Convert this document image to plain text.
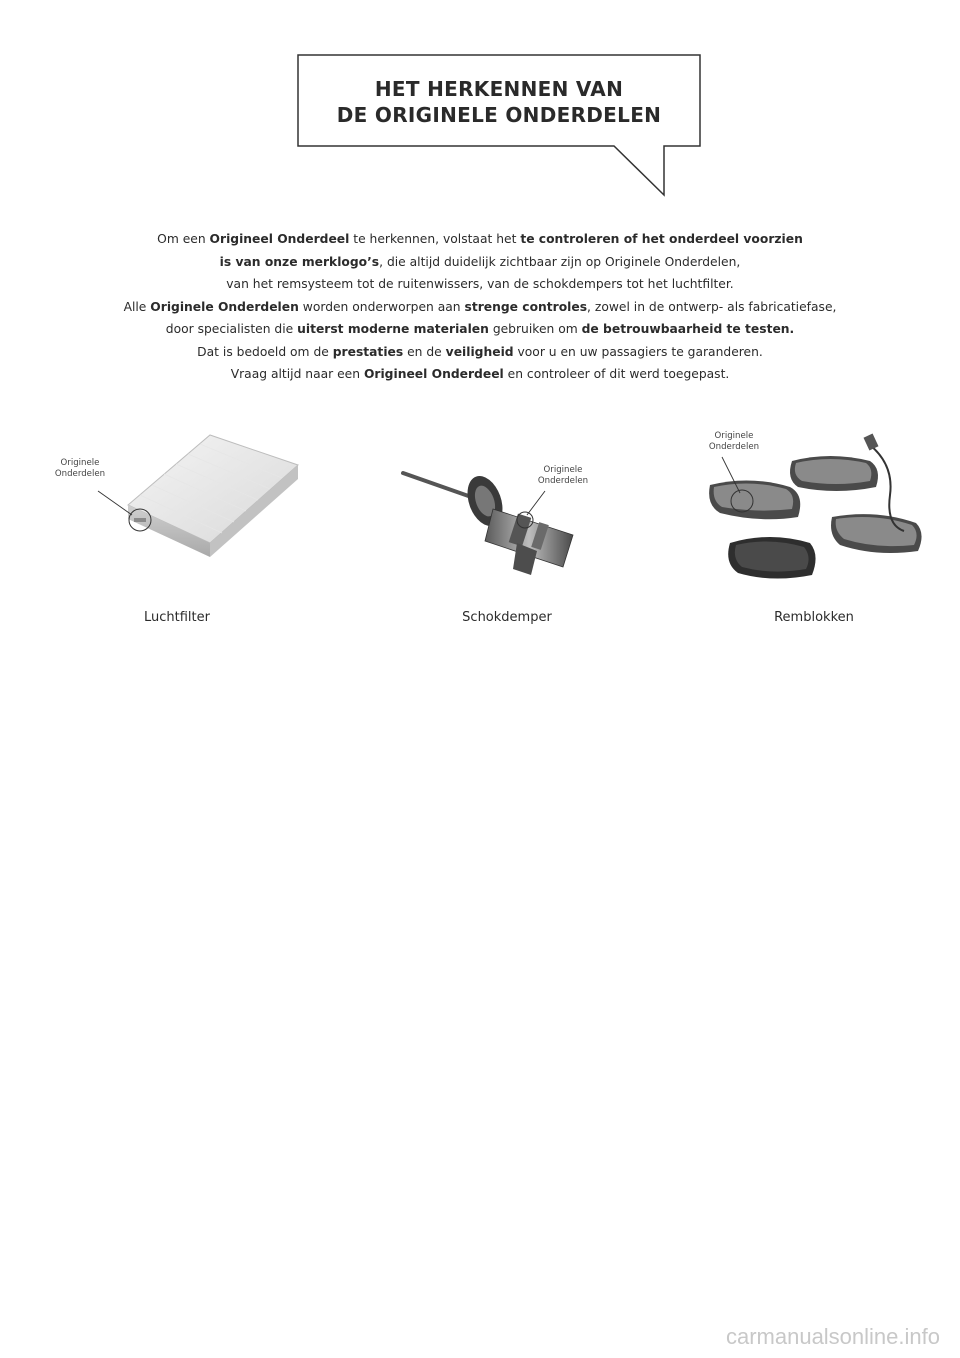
HET HERKENNEN VAN
DE ORIGINELE ONDERDELEN

Om een Origineel Onderdeel te herkennen, volstaat het te controleren of het onderdeel voorzien

is van onze merklogo’s, die altijd duidelijk zichtbaar zijn op Originele Onderdelen,

van het remsysteem tot de ruitenwissers, van de schokdempers tot het luchtfilter.

Alle Originele Onderdelen worden onderworpen aan strenge controles, zowel in de ontwerp- als fabricatiefase,

door specialisten die uiterst moderne materialen gebruiken om de betrouwbaarheid te testen.

Dat is bedoeld om de prestaties en de veiligheid voor u en uw passagiers te garanderen.

Vraag altijd naar een Origineel Onderdeel en controleer of dit werd toegepast.

Originele
Onderdelen
Luchtfilter
Originele
Onderdelen
Schokdemper
Originele
Onderdelen
Remblokken
carmanualsonline.info
